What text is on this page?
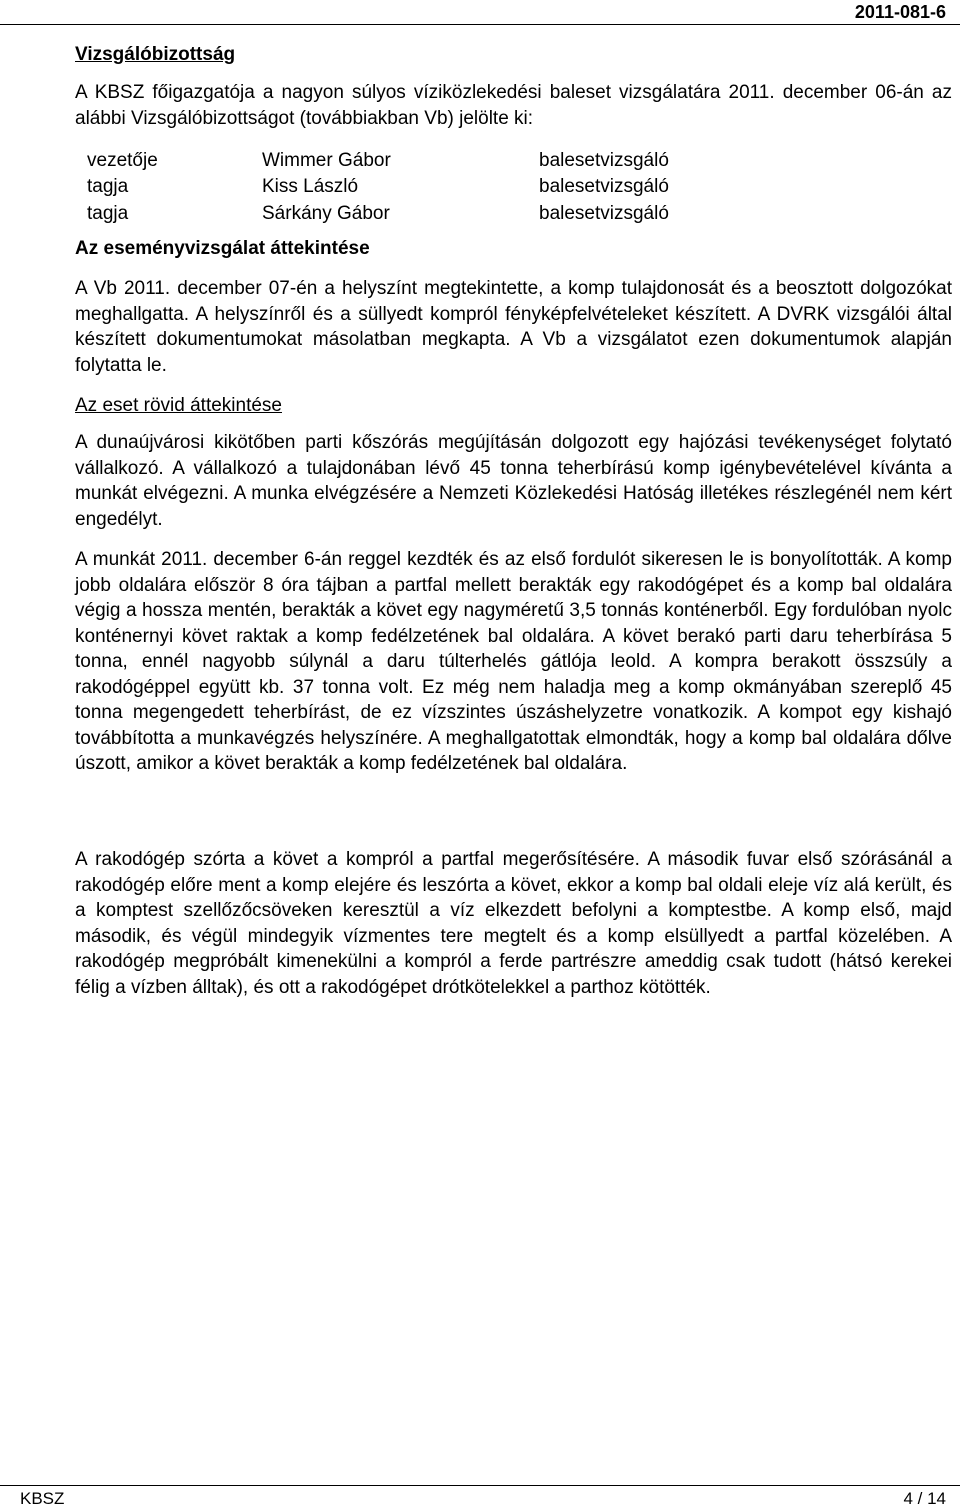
2011-081-6
Vizsgálóbizottság

A KBSZ főigazgatója a nagyon súlyos víziközlekedési baleset vizsgálatára 2011. december 06-án az alábbi Vizsgálóbizottságot (továbbiakban Vb) jelölte ki:

vezetője	Wimmer Gábor	balesetvizsgáló
tagja	Kiss László	balesetvizsgáló
tagja	Sárkány Gábor	balesetvizsgáló
Az eseményvizsgálat áttekintése

A Vb 2011. december 07-én a helyszínt megtekintette, a komp tulajdonosát és a beosztott dolgozókat meghallgatta. A helyszínről és a süllyedt kompról fényképfelvételeket készített. A DVRK vizsgálói által készített dokumentumokat másolatban megkapta. A Vb a vizsgálatot ezen dokumentumok alapján folytatta le.

Az eset rövid áttekintése

A dunaújvárosi kikötőben parti kőszórás megújításán dolgozott egy hajózási tevékenységet folytató vállalkozó. A vállalkozó a tulajdonában lévő 45 tonna teherbírású komp igénybevételével kívánta a munkát elvégezni. A munka elvégzésére a Nemzeti Közlekedési Hatóság illetékes részlegénél nem kért engedélyt.

A munkát 2011. december 6-án reggel kezdték és az első fordulót sikeresen le is bonyolították. A komp jobb oldalára először 8 óra tájban a partfal mellett berakták egy rakodógépet és a komp bal oldalára végig a hossza mentén, berakták a követ egy nagyméretű 3,5 tonnás konténerből. Egy fordulóban nyolc konténernyi követ raktak a komp fedélzetének bal oldalára. A követ berakó parti daru teherbírása 5 tonna, ennél nagyobb súlynál a daru túlterhelés gátlója leold. A kompra berakott összsúly a rakodógéppel együtt kb. 37 tonna volt. Ez még nem haladja meg a komp okmányában szereplő 45 tonna megengedett teherbírást, de ez vízszintes úszáshelyzetre vonatkozik. A kompot egy kishajó továbbította a munkavégzés helyszínére. A meghallgatottak elmondták, hogy a komp bal oldalára dőlve úszott, amikor a követ berakták a komp fedélzetének bal oldalára.

A rakodógép szórta a követ a kompról a partfal megerősítésére. A második fuvar első szórásánál a rakodógép előre ment a komp elejére és leszórta a követ, ekkor a komp bal oldali eleje víz alá került, és a komptest szellőzőcsöveken keresztül a víz elkezdett befolyni a komptestbe. A komp első, majd második, és végül mindegyik vízmentes tere megtelt és a komp elsüllyedt a partfal közelében. A rakodógép megpróbált kimenekülni a kompról a ferde partrészre ameddig csak tudott (hátsó kerekei félig a vízben álltak), és ott a rakodógépet drótkötelekkel a parthoz kötötték.

KBSZ	4 / 14
